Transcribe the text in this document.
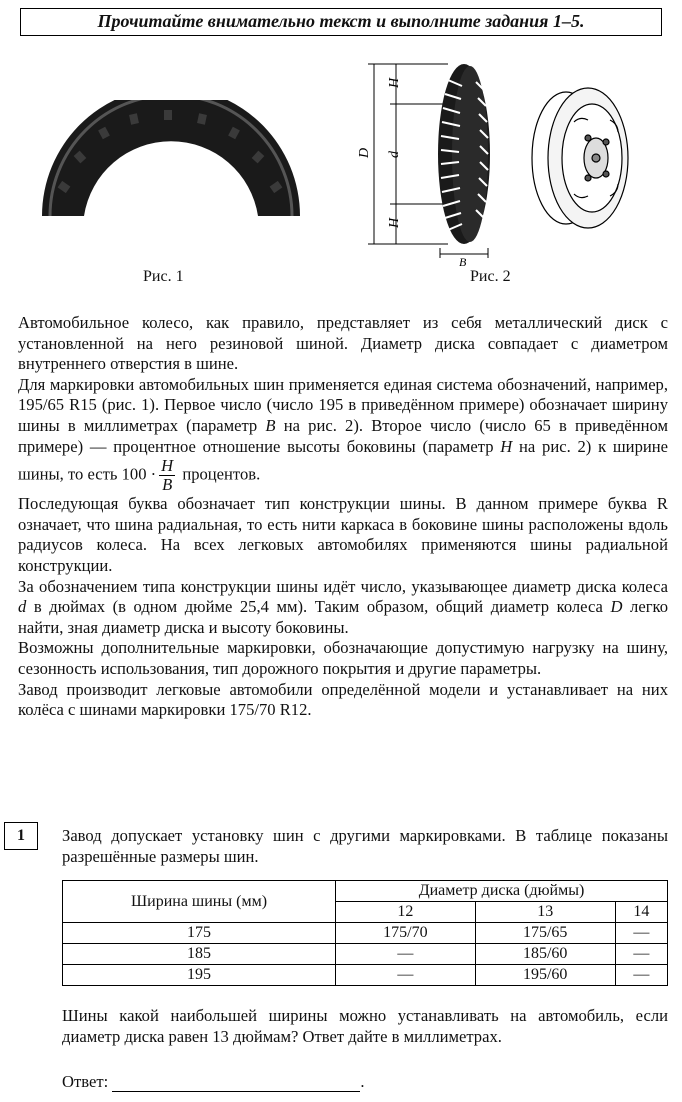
Прочитайте внимательно текст и выполните задания 1–5.
195/65R15
Рис. 1
D
H
d
H
B
Рис. 2

Автомобильное колесо, как правило, представляет из себя металлический диск с установленной на него резиновой шиной. Диаметр диска совпадает с диаметром внутреннего отверстия в шине.

Для маркировки автомобильных шин применяется единая система обозначений, например, 195/65 R15 (рис. 1). Первое число (число 195 в приведённом примере) обозначает ширину шины в миллиметрах (параметр B на рис. 2). Второе число (число 65 в приведённом примере) — процентное отношение высоты боковины (параметр H на рис. 2) к ширине шины, то есть $100 \cdot \frac{H}{B}$ процентов.

Последующая буква обозначает тип конструкции шины. В данном примере буква R означает, что шина радиальная, то есть нити каркаса в боковине шины расположены вдоль радиусов колеса. На всех легковых автомобилях применяются шины радиальной конструкции.

За обозначением типа конструкции шины идёт число, указывающее диаметр диска колеса d в дюймах (в одном дюйме 25,4 мм). Таким образом, общий диаметр колеса D легко найти, зная диаметр диска и высоту боковины.

Возможны дополнительные маркировки, обозначающие допустимую нагрузку на шину, сезонность использования, тип дорожного покрытия и другие параметры.

Завод производит легковые автомобили определённой модели и устанавливает на них колёса с шинами маркировки 175/70 R12.

1	Завод допускает установку шин с другими маркировками. В таблице показаны разрешённые размеры шин.

Ширина шины (мм)	Диаметр диска (дюймы)		
	12	13	14
175	175/70	175/65	—
185	—	185/60	—
195	—	195/60	—
Шины какой наибольшей ширины можно устанавливать на автомобиль, если диаметр диска равен 13 дюймам? Ответ дайте в миллиметрах.
Ответ:	.
